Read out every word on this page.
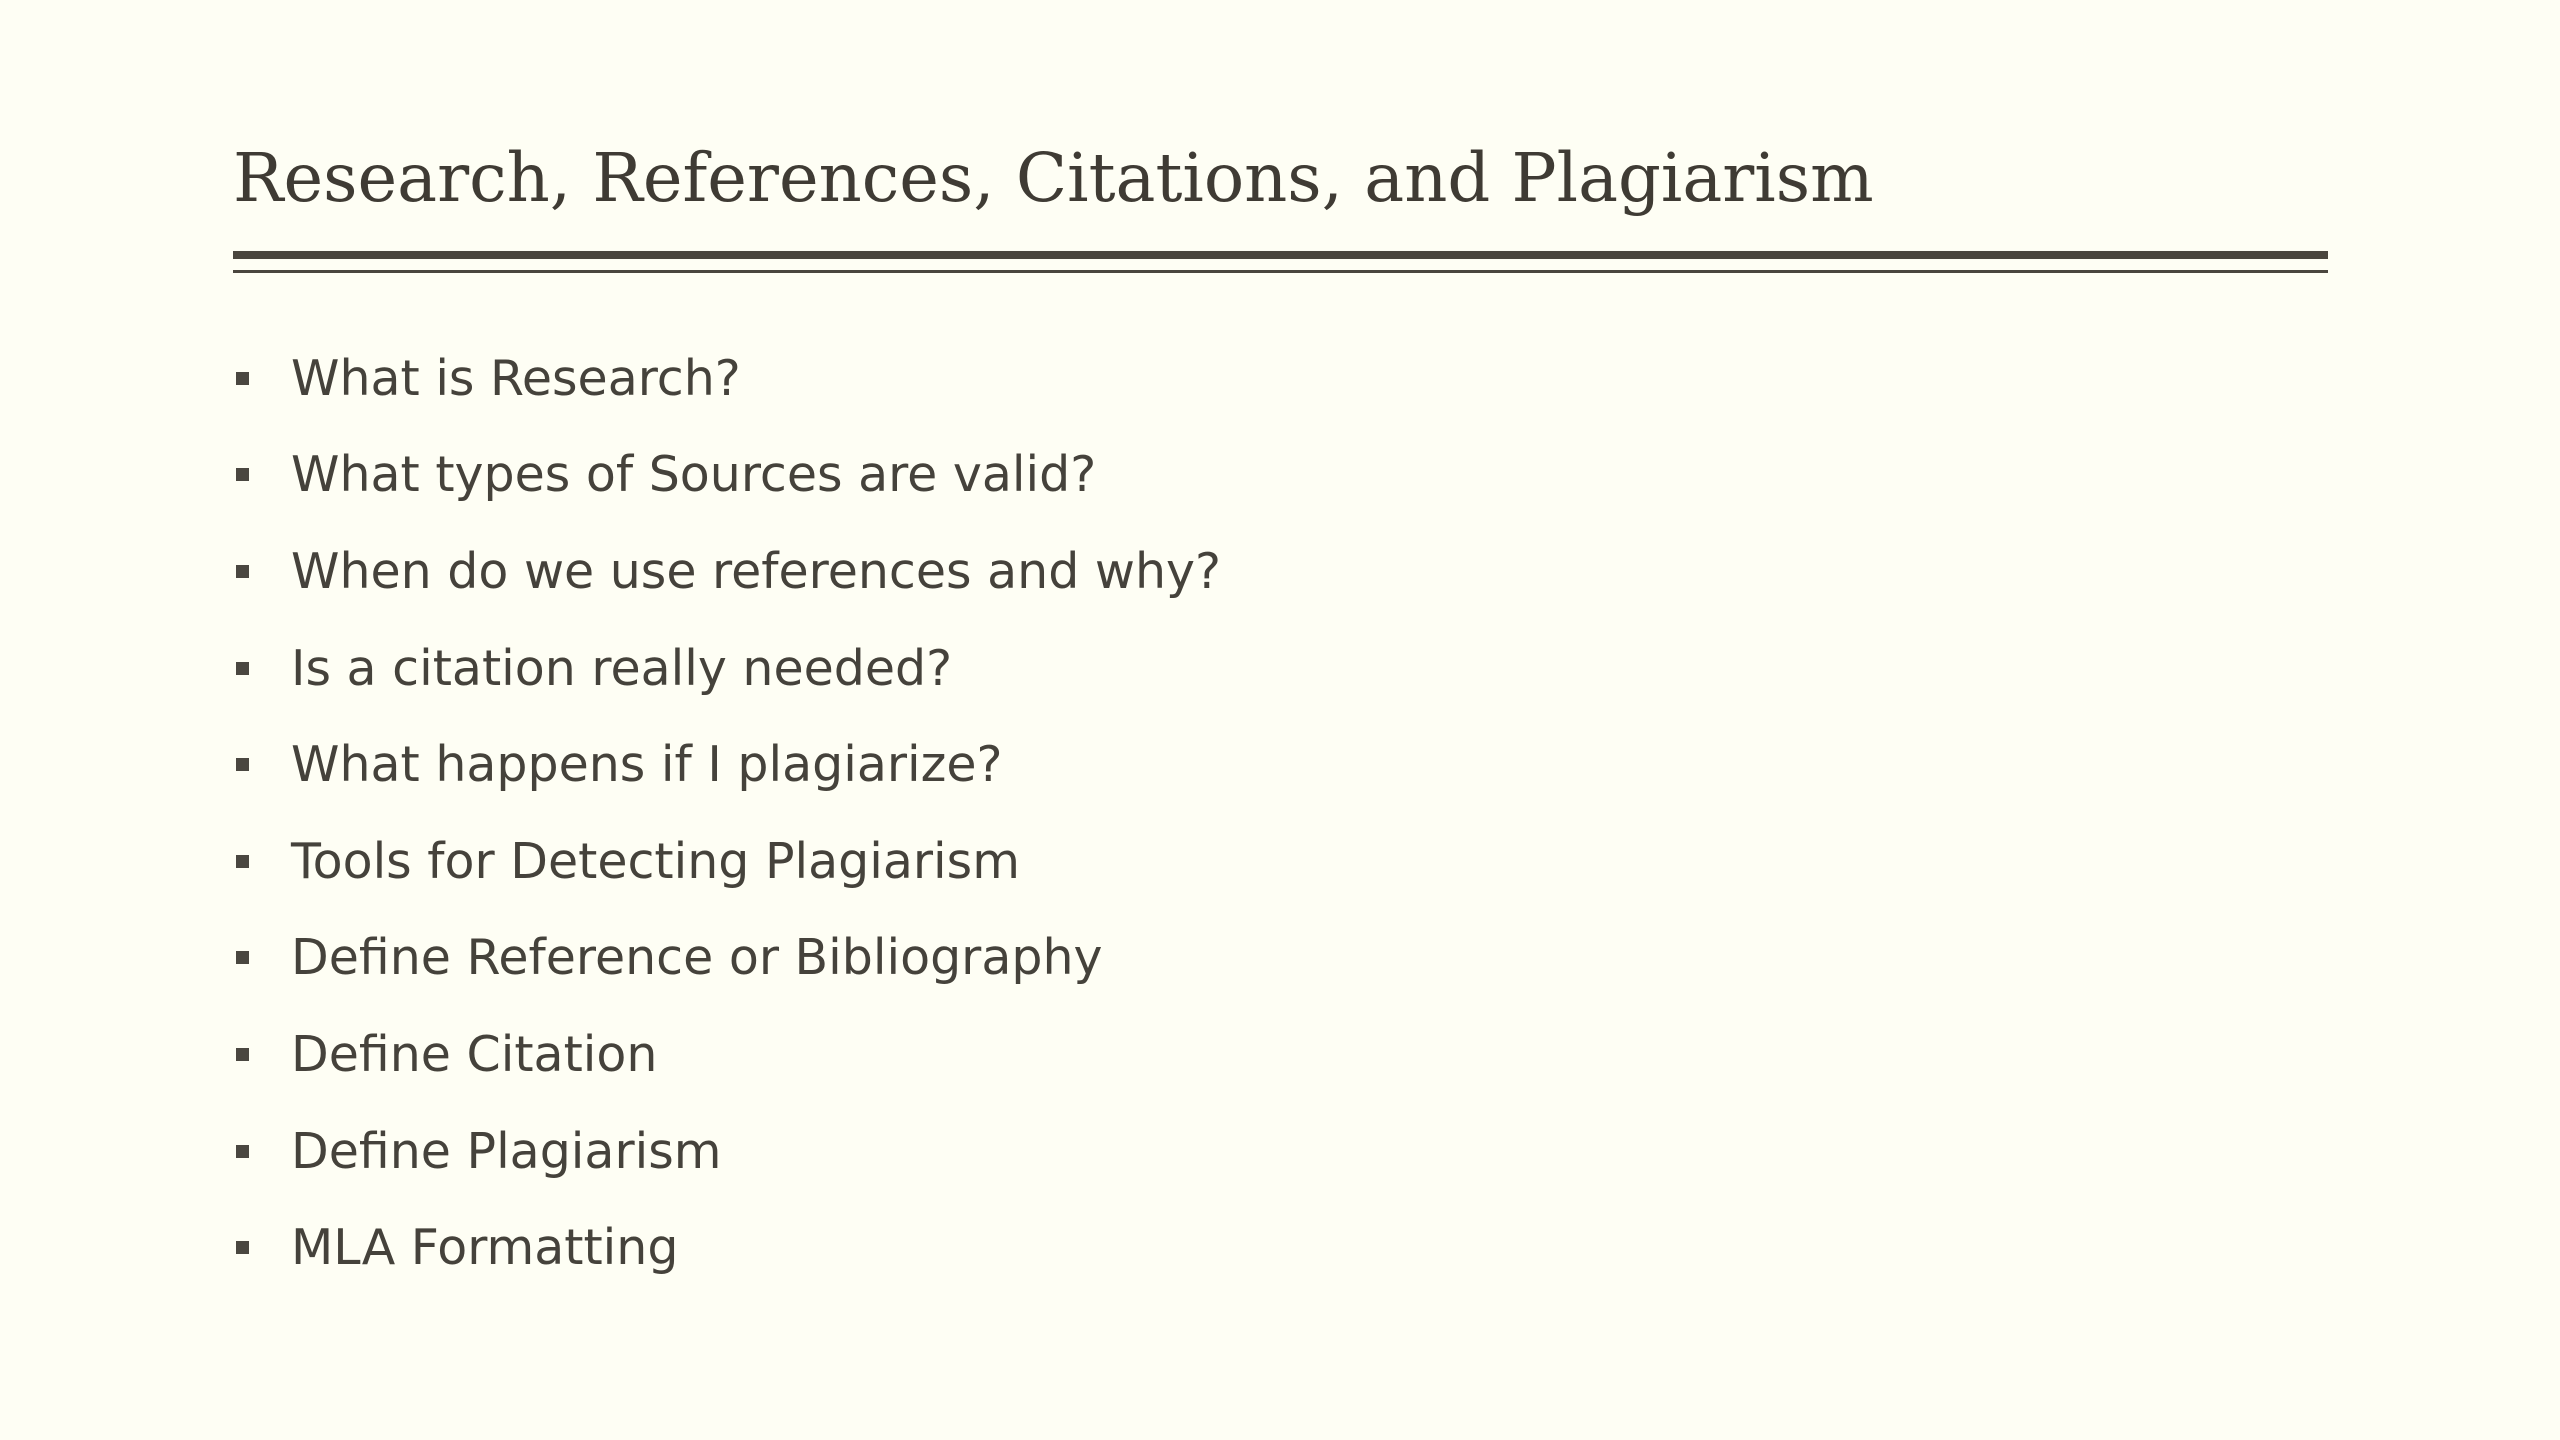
Research, References, Citations, and Plagiarism
What is Research?
What types of Sources are valid?
When do we use references and why?
Is a citation really needed?
What happens if I plagiarize?
Tools for Detecting Plagiarism
Define Reference or Bibliography
Define Citation
Define Plagiarism
MLA Formatting
